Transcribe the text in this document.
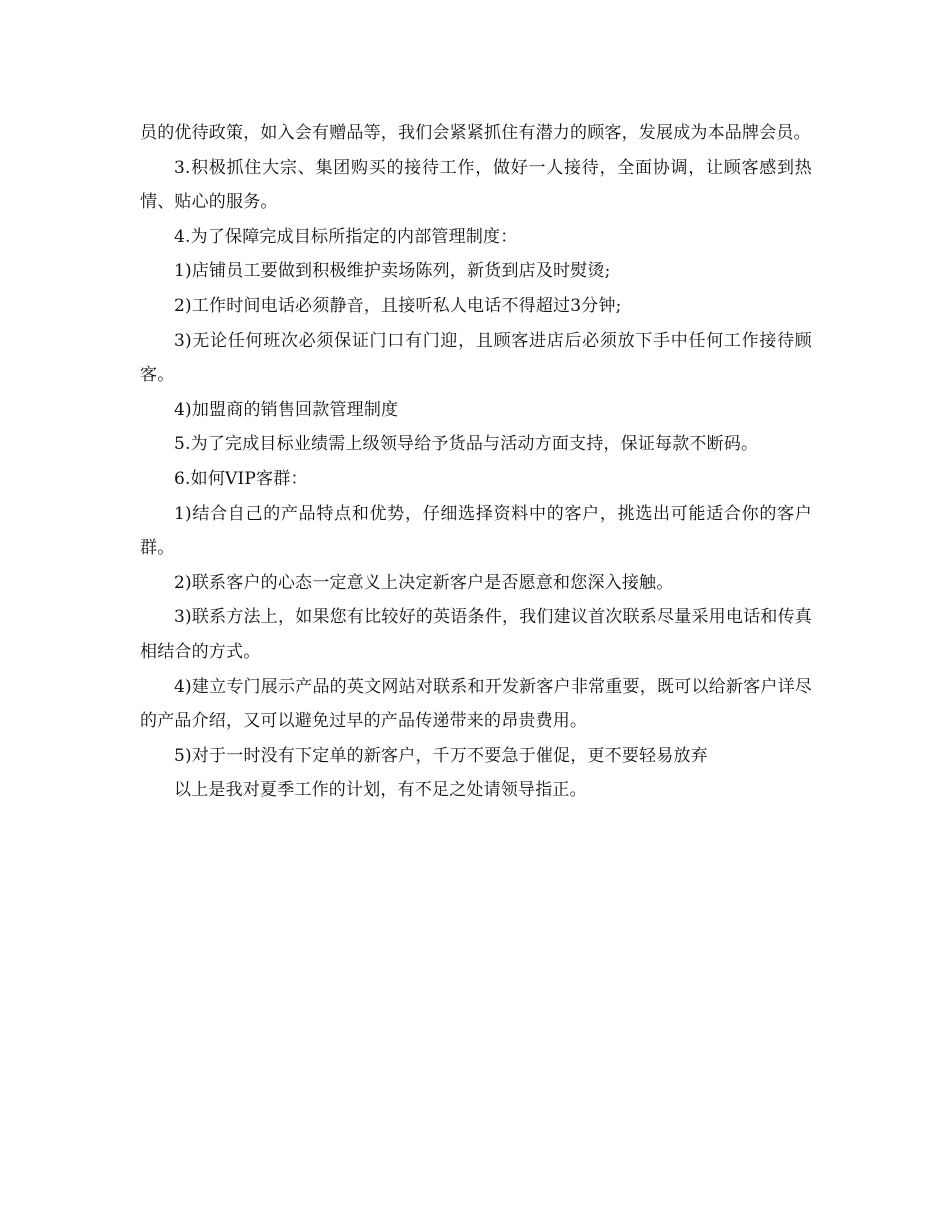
员的优待政策，如入会有赠品等，我们会紧紧抓住有潜力的顾客，发展成为本品牌会员。

3.积极抓住大宗、集团购买的接待工作，做好一人接待，全面协调，让顾客感到热情、贴心的服务。

4.为了保障完成目标所指定的内部管理制度：

1)店铺员工要做到积极维护卖场陈列，新货到店及时熨烫;

2)工作时间电话必须静音，且接听私人电话不得超过3分钟;

3)无论任何班次必须保证门口有门迎，且顾客进店后必须放下手中任何工作接待顾客。

4)加盟商的销售回款管理制度

5.为了完成目标业绩需上级领导给予货品与活动方面支持，保证每款不断码。

6.如何VIP客群：

1)结合自己的产品特点和优势，仔细选择资料中的客户，挑选出可能适合你的客户群。

2)联系客户的心态一定意义上决定新客户是否愿意和您深入接触。

3)联系方法上，如果您有比较好的英语条件，我们建议首次联系尽量采用电话和传真相结合的方式。

4)建立专门展示产品的英文网站对联系和开发新客户非常重要，既可以给新客户详尽的产品介绍，又可以避免过早的产品传递带来的昂贵费用。

5)对于一时没有下定单的新客户，千万不要急于催促，更不要轻易放弃

以上是我对夏季工作的计划，有不足之处请领导指正。
